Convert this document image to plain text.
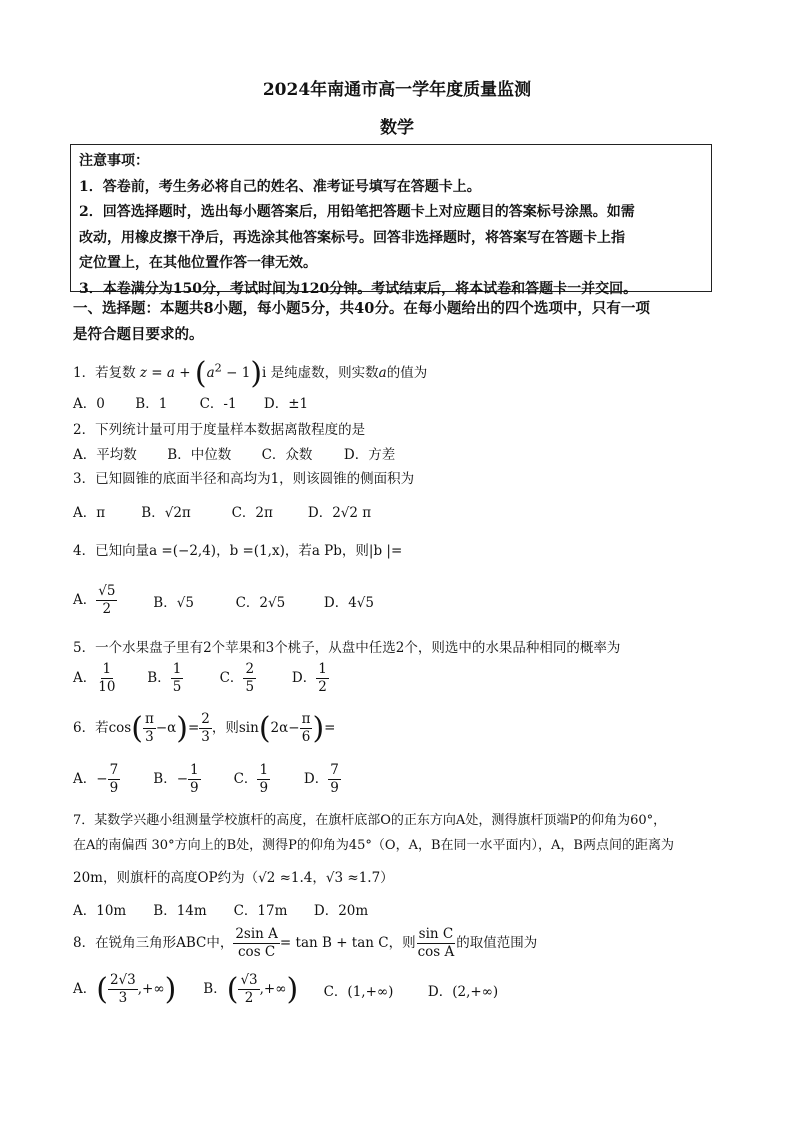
2024年南通市高一学年度质量监测
数学

注意事项：

1．答卷前，考生务必将自己的姓名、准考证号填写在答题卡上。

2．回答选择题时，选出每小题答案后，用铅笔把答题卡上对应题目的答案标号涂黑。如需

改动，用橡皮擦干净后，再选涂其他答案标号。回答非选择题时，将答案写在答题卡上指

定位置上，在其他位置作答一律无效。

3．本卷满分为150分，考试时间为120分钟。考试结束后，将本试卷和答题卡一并交回。

一、选择题：本题共8小题，每小题5分，共40分。在每小题给出的四个选项中，只有一项
是符合题目要求的。
1．若复数 $z = a + (a^2 - 1)i$ 是纯虚数，则实数a的值为
A．0 B．1 C．-1 D．±1
2．下列统计量可用于度量样本数据离散程度的是
A．平均数 B．中位数 C．众数 D．方差
3．已知圆锥的底面半径和高均为1，则该圆锥的侧面积为
A．π	B．√2π	C．2π	D．2√2 π
4．已知向量a =(−2,4)，b =(1,x)，若a Pb，则|b |=
A． $\frac{√5}{2}$	B．√5	C．2√5	D．4√5
5．一个水果盘子里有2个苹果和3个桃子，从盘中任选2个，则选中的水果品种相同的概率为
A． $\frac{1}{10}$ B． $\frac{1}{5}$	C． $\frac{2}{5}$	D． $\frac{1}{2}$
6．若$\cos( \frac{\pi}{3} -\alpha)= \frac{2}{3}$ ，则$\sin(2\alpha- \frac{\pi}{6}$ )=
A．− $\frac{7}{9}$ B．− $\frac{1}{9}$ C． $\frac{1}{9}$	D． $\frac{7}{9}$
7．某数学兴趣小组测量学校旗杆的高度，在旗杆底部O的正东方向A处，测得旗杆顶端P的仰角为60°，
在A的南偏西 30°方向上的B处，测得P的仰角为45°（O，A，B在同一水平面内），A，B两点间的距离为
20m，则旗杆的高度OP约为（√2 ≈1.4，√3 ≈1.7）
A．10m B．14m C．17m D．20m
8．在锐角三角形ABC中， $\frac{\text{2sin A}}{\text{cos C}} = \tan B + \tan C$，则 $\frac{\text{sin C}}{\text{cos A}}$ 的取值范围为
A．( $\frac{2√3}{3}$ ,+∞) B．( $\frac{√3}{2}$ ,+∞) C．(1,+∞)	D．(2,+∞)
